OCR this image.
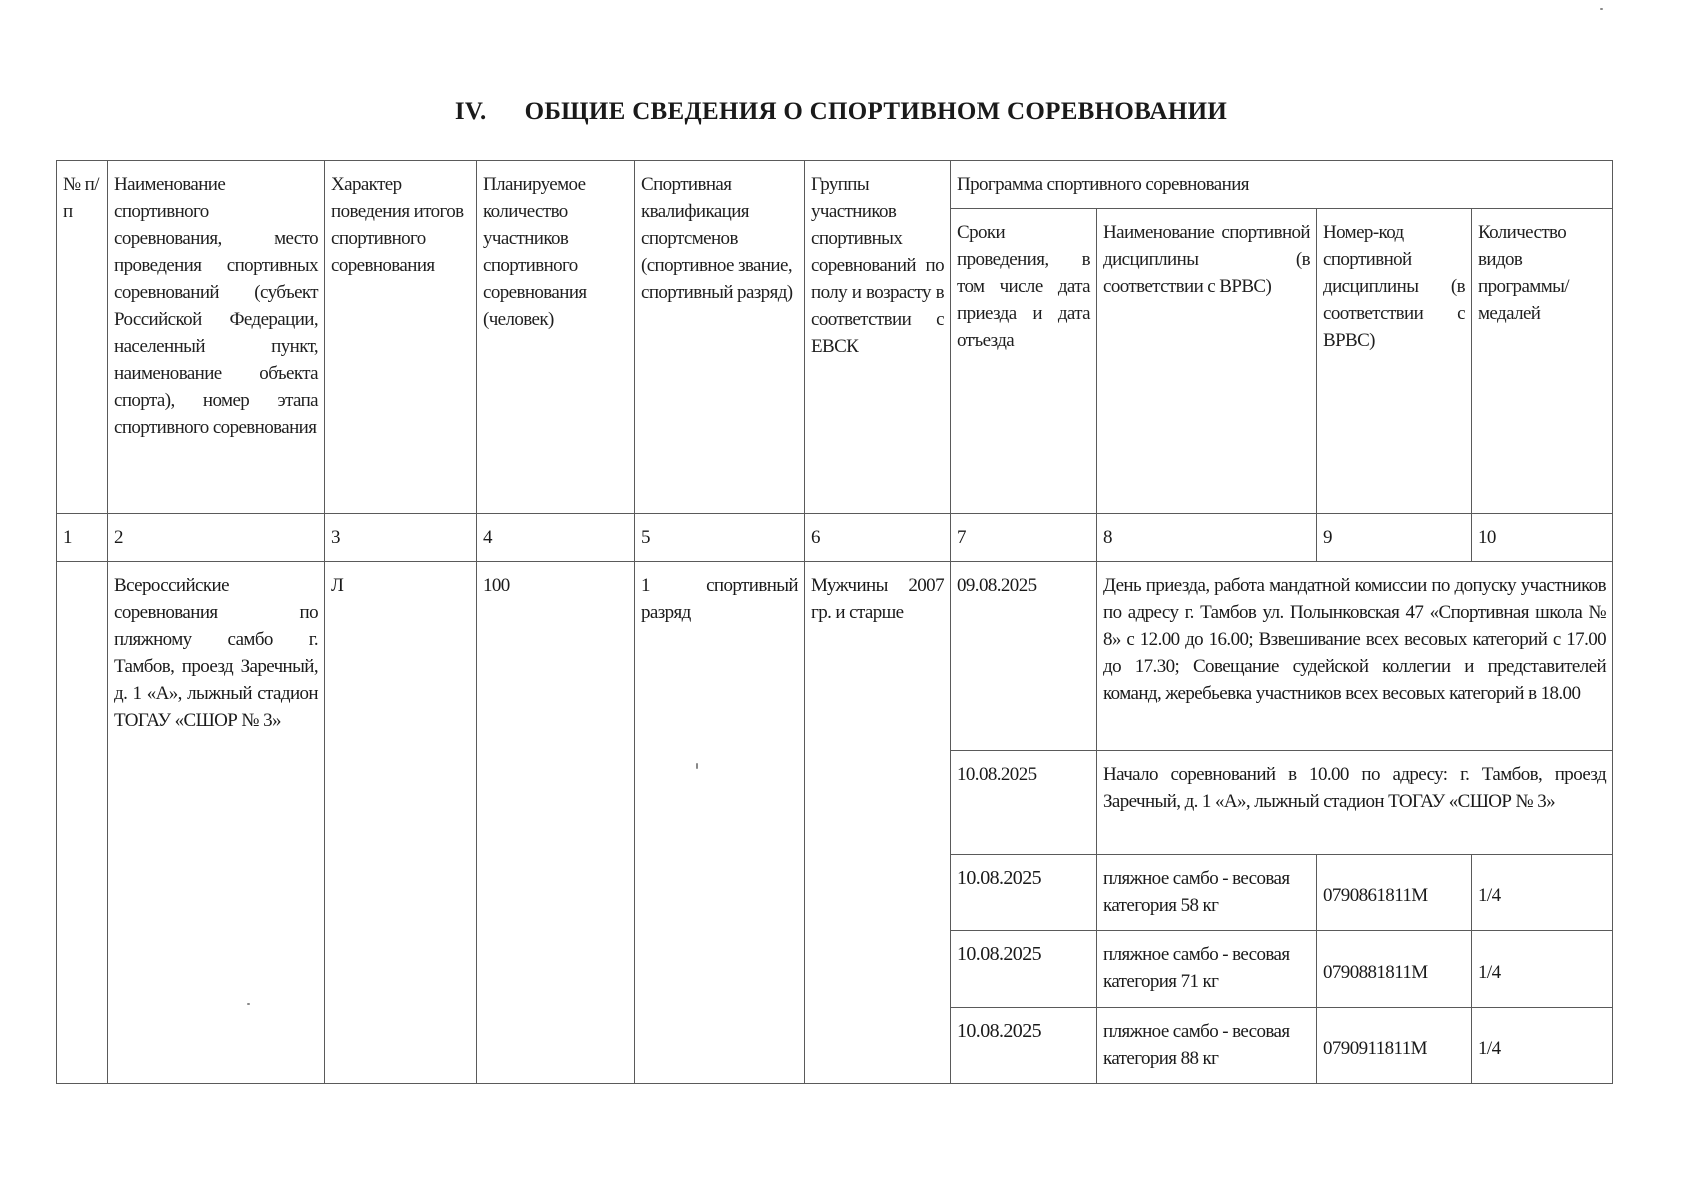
IV. ОБЩИЕ СВЕДЕНИЯ О СПОРТИВНОМ СОРЕВНОВАНИИ
№ п/п	Наименование спортивного соревнования, место проведения спортивных соревнований (субъект Российской Федерации, населенный пункт, наименование объекта спорта), номер этапа спортивного соревнования	Характер поведения итогов спортивного соревнования	Планируемое количество участников спортивного соревнования (человек)	Спортивная квалификация спортсменов (спортивное звание, спортивный разряд)	Группы участников спортивных соревнований по полу и возрасту в соответствии с ЕВСК	Программа спортивного соревнования			
						Сроки проведения, в том числе дата приезда и дата отъезда	Наименование спортивной дисциплины (в соответствии с ВРВС)	Номер-код спортивной дисциплины (в соответствии с ВРВС)	Количество видов программы/медалей
1	2	3	4	5	6	7	8	9	10
	Всероссийские соревнования по пляжному самбо г. Тамбов, проезд Заречный, д. 1 «А», лыжный стадион ТОГАУ «СШОР № 3»	Л	100	1 спортивный разряд	Мужчины 2007 гр. и старше	09.08.2025	День приезда, работа мандатной комиссии по допуску участников по адресу г. Тамбов ул. Полынковская 47 «Спортивная школа № 8» с 12.00 до 16.00; Взвешивание всех весовых категорий с 17.00 до 17.30; Совещание судейской коллегии и представителей команд, жеребьевка участников всех весовых категорий в 18.00		
						10.08.2025	Начало соревнований в 10.00 по адресу: г. Тамбов, проезд Заречный, д. 1 «А», лыжный стадион ТОГАУ «СШОР № 3»		
						10.08.2025	пляжное самбо - весовая категория 58 кг	0790861811М	1/4
						10.08.2025	пляжное самбо - весовая категория 71 кг	0790881811М	1/4
						10.08.2025	пляжное самбо - весовая категория 88 кг	0790911811М	1/4
